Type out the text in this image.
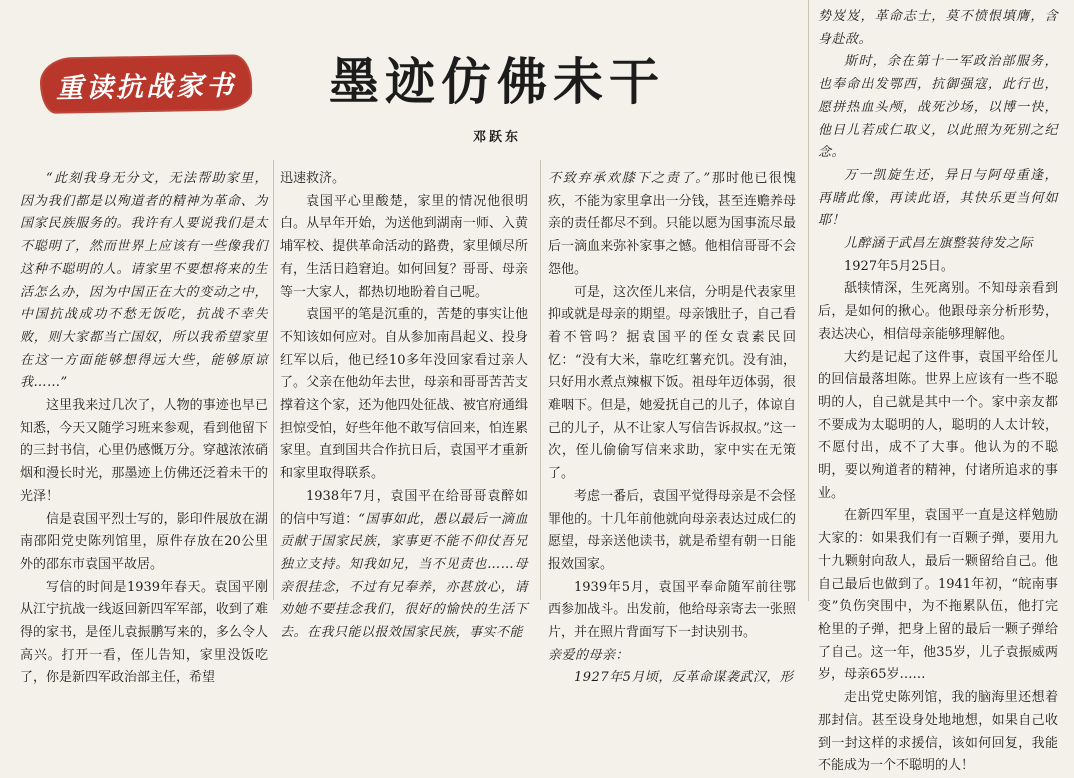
重读抗战家书	墨迹仿佛未干
邓跃东

“此刻我身无分文，无法帮助家里，因为我们都是以殉道者的精神为革命、为国家民族服务的。我许有人要说我们是太不聪明了，然而世界上应该有一些像我们这种不聪明的人。请家里不要想将来的生活怎么办，因为中国正在大的变动之中，中国抗战成功不愁无饭吃，抗战不幸失败，则大家都当亡国奴，所以我希望家里在这一方面能够想得远大些，能够原谅我……”

这里我来过几次了，人物的事迹也早已知悉，今天又随学习班来参观，看到他留下的三封书信，心里仍感慨万分。穿越浓浓硝烟和漫长时光，那墨迹上仿佛还泛着未干的光泽！

信是袁国平烈士写的，影印件展放在湖南邵阳党史陈列馆里，原件存放在20公里外的邵东市袁国平故居。

写信的时间是1939年春天。袁国平刚从江宁抗战一线返回新四军军部，收到了难得的家书，是侄儿袁振鹏写来的，多么令人高兴。打开一看，侄儿告知，家里没饭吃了，你是新四军政治部主任，希望

迅速救济。

袁国平心里酸楚，家里的情况他很明白。从早年开始，为送他到湖南一师、入黄埔军校、提供革命活动的路费，家里倾尽所有，生活日趋窘迫。如何回复？哥哥、母亲等一大家人，都热切地盼着自己呢。

袁国平的笔是沉重的，苦楚的事实让他不知该如何应对。自从参加南昌起义、投身红军以后，他已经10多年没回家看过亲人了。父亲在他幼年去世，母亲和哥哥苦苦支撑着这个家，还为他四处征战、被官府通缉担惊受怕，好些年他不敢写信回来，怕连累家里。直到国共合作抗日后，袁国平才重新和家里取得联系。

1938年7月，袁国平在给哥哥袁醉如的信中写道：“国事如此，愚以最后一滴血贡献于国家民族，家事更不能不仰仗吾兄独立支持。知我如兄，当不见责也……母亲很挂念，不过有兄奉养，亦甚放心，请劝她不要挂念我们，很好的愉快的生活下去。在我只能以报效国家民族，事实不能

不致弃承欢膝下之责了。”那时他已很愧疚，不能为家里拿出一分钱，甚至连赡养母亲的责任都尽不到。只能以愿为国事流尽最后一滴血来弥补家事之憾。他相信哥哥不会怨他。

可是，这次侄儿来信，分明是代表家里抑或就是母亲的期望。母亲饿肚子，自己看着不管吗？据袁国平的侄女袁素民回忆：“没有大米，靠吃红薯充饥。没有油，只好用水煮点辣椒下饭。祖母年迈体弱，很难咽下。但是，她爱抚自己的儿子，体谅自己的儿子，从不让家人写信告诉叔叔。”这一次，侄儿偷偷写信来求助，家中实在无策了。

考虑一番后，袁国平觉得母亲是不会怪罪他的。十几年前他就向母亲表达过成仁的愿望，母亲送他读书，就是希望有朝一日能报效国家。

1939年5月，袁国平奉命随军前往鄂西参加战斗。出发前，他给母亲寄去一张照片，并在照片背面写下一封诀别书。

亲爱的母亲：

1927年5月顷，反革命谋袭武汉，形

势岌岌，革命志士，莫不愤恨填膺，含身赴敌。

斯时，余在第十一军政治部服务，也奉命出发鄂西，抗御强寇，此行也，愿拼热血头颅，战死沙场，以博一快，他日儿若成仁取义，以此照为死别之纪念。

万一凯旋生还，异日与阿母重逢，再睹此像，再读此语，其快乐更当何如耶！

儿醉涵于武昌左旗整装待发之际

1927年5月25日。

舐犊情深，生死离别。不知母亲看到后，是如何的揪心。他跟母亲分析形势，表达决心，相信母亲能够理解他。

大约是记起了这件事，袁国平给侄儿的回信最落坦陈。世界上应该有一些不聪明的人，自己就是其中一个。家中亲友都不要成为太聪明的人，聪明的人太计较，不愿付出，成不了大事。他认为的不聪明，要以殉道者的精神，付诸所追求的事业。

在新四军里，袁国平一直是这样勉励大家的：如果我们有一百颗子弹，要用九十九颗射向敌人，最后一颗留给自己。他自己最后也做到了。1941年初，“皖南事变”负伤突围中，为不拖累队伍，他打完枪里的子弹，把身上留的最后一颗子弹给了自己。这一年，他35岁，儿子袁振威两岁，母亲65岁……

走出党史陈列馆，我的脑海里还想着那封信。甚至设身处地地想，如果自己收到一封这样的求援信，该如何回复，我能不能成为一个不聪明的人！
